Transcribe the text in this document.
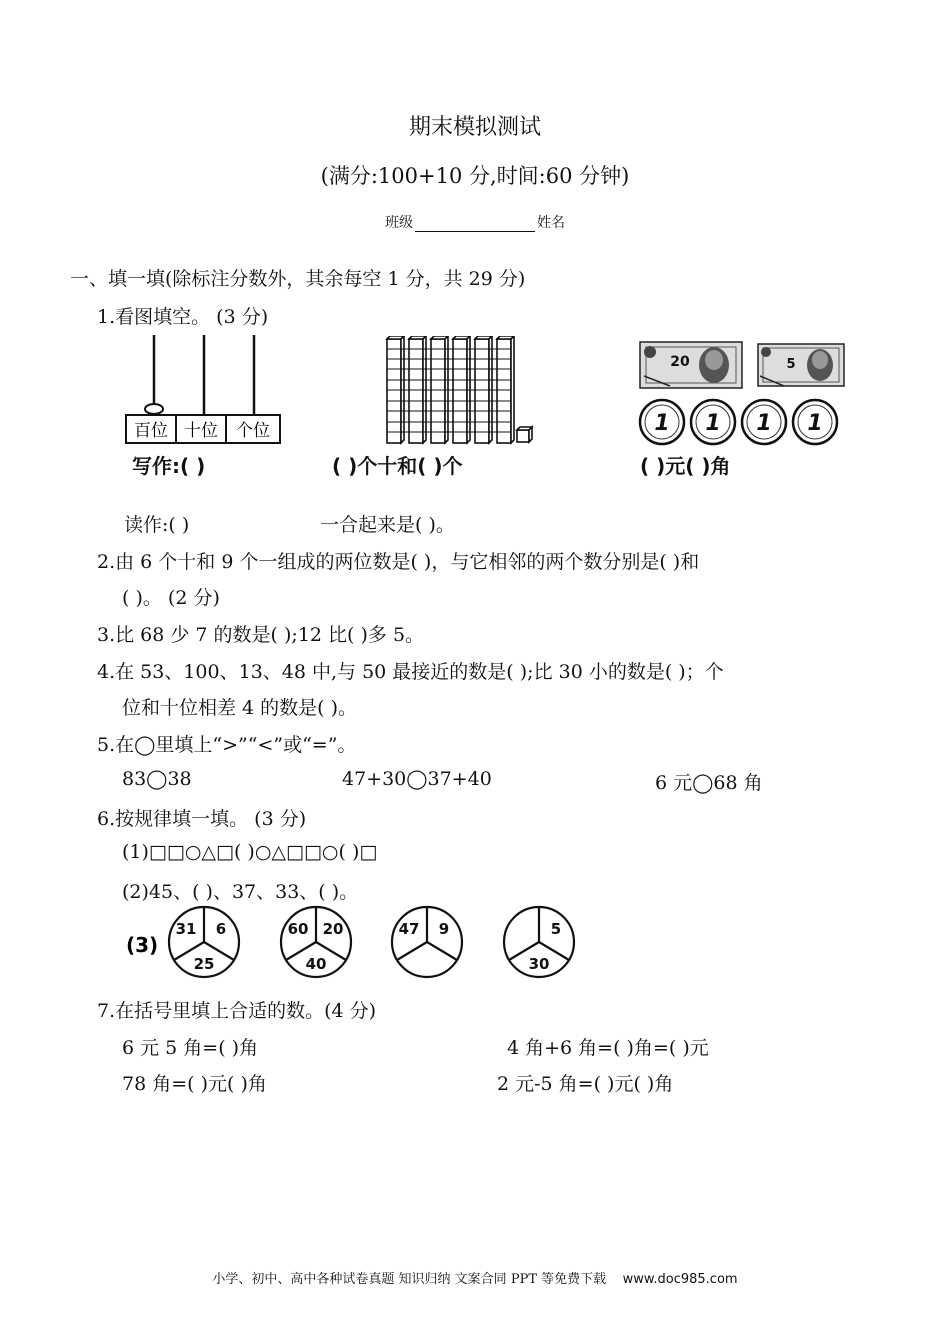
期末模拟测试
(满分:100+10 分,时间:60 分钟)
班级	姓名
一、填一填(除标注分数外，其余每空 1 分，共 29 分)
1.看图填空。 (3 分)
百位 十位 个位
20	5
1 1 1 1
写作:( )	( )个十和( )个	( )元( )角
读作:( )	一合起来是( )。
2.由 6 个十和 9 个一组成的两位数是( )，与它相邻的两个数分别是( )和
( )。 (2 分)
3.比 68 少 7 的数是( );12 比( )多 5。
4.在 53、100、13、48 中,与 50 最接近的数是( );比 30 小的数是( )；个
位和十位相差 4 的数是( )。
5.在◯里填上“>”“<”或“=”。
83◯38	47+30◯37+40	6 元◯68 角
6.按规律填一填。 (3 分)
(1)□□○△□( )○△□□○( )□
(2)45、( )、37、33、( )。
(3)
31 6
25
60 20
40
47 9	5
30
7.在括号里填上合适的数。(4 分)
6 元 5 角=( )角	4 角+6 角=( )角=( )元
78 角=( )元( )角	2 元-5 角=( )元( )角
小学、初中、高中各种试卷真题 知识归纳 文案合同 PPT 等免费下载 www.doc985.com
